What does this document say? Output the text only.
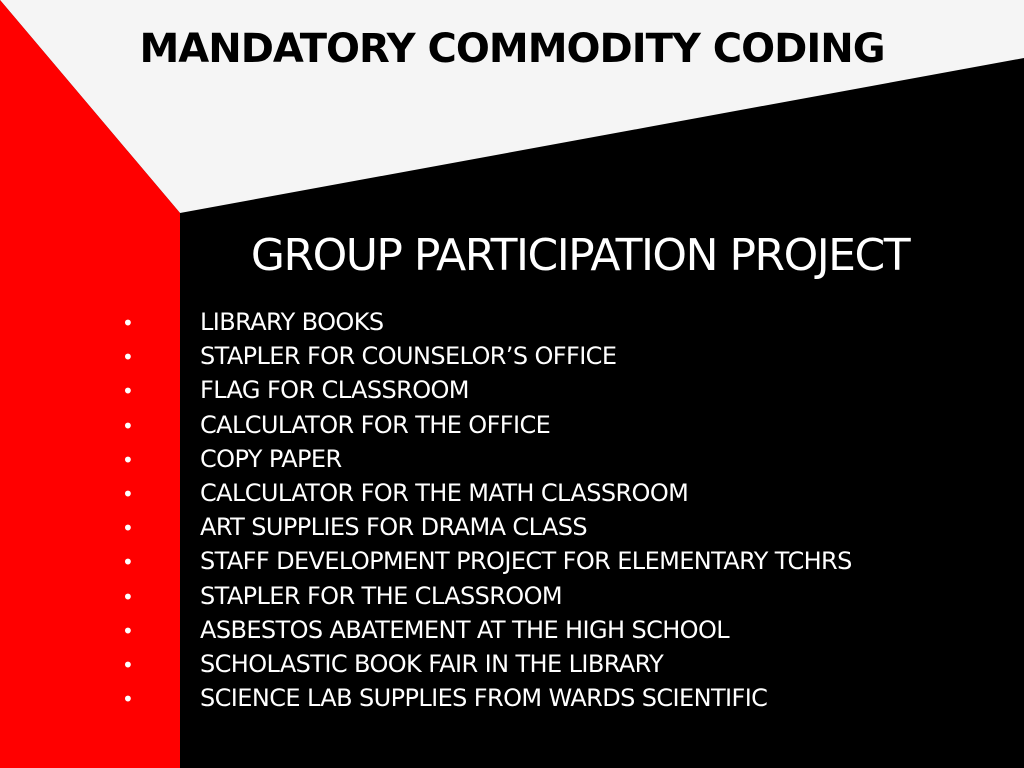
MANDATORY COMMODITY CODING
GROUP PARTICIPATION PROJECT
•	LIBRARY BOOKS
•	STAPLER FOR COUNSELOR’S OFFICE
•	FLAG FOR CLASSROOM
•	CALCULATOR FOR THE OFFICE
•	COPY PAPER
•	CALCULATOR FOR THE MATH CLASSROOM
•	ART SUPPLIES FOR DRAMA CLASS
•	STAFF DEVELOPMENT PROJECT FOR ELEMENTARY TCHRS
•	STAPLER FOR THE CLASSROOM
•	ASBESTOS ABATEMENT AT THE HIGH SCHOOL
•	SCHOLASTIC BOOK FAIR IN THE LIBRARY
•	SCIENCE LAB SUPPLIES FROM WARDS SCIENTIFIC
